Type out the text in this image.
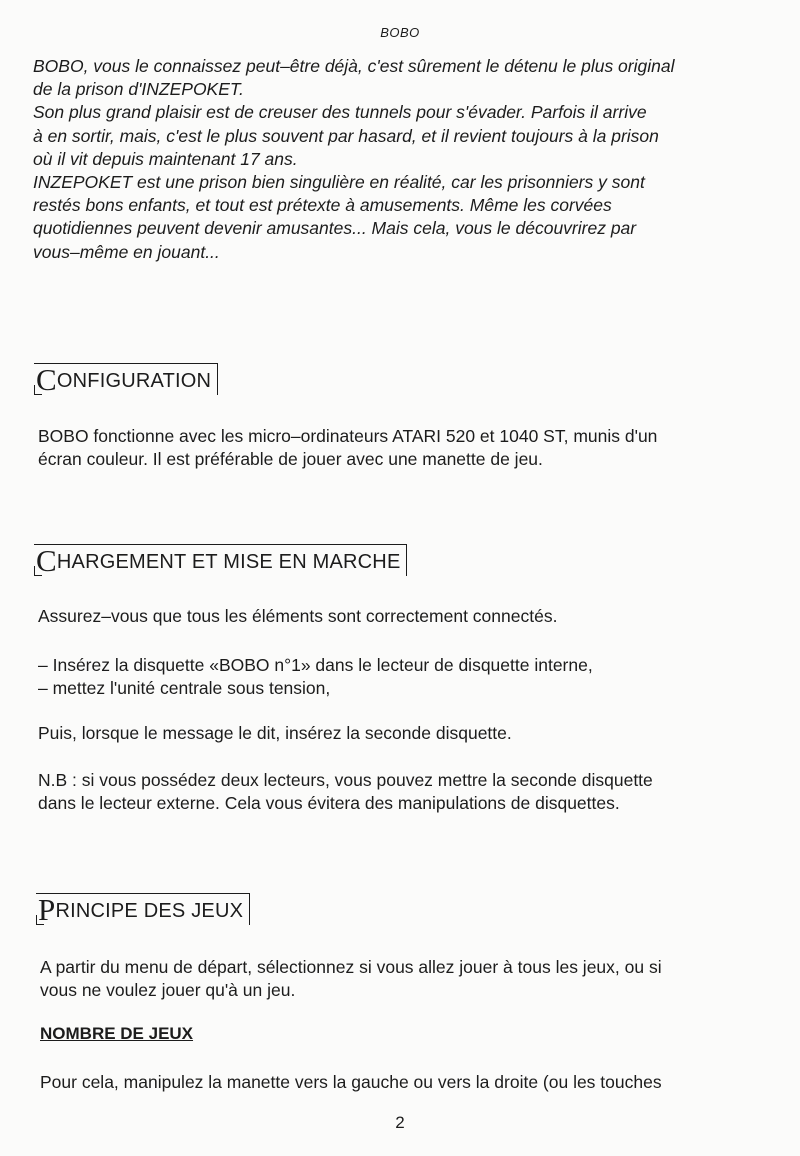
BOBO

BOBO, vous le connaissez peut–être déjà, c'est sûrement le détenu le plus original

de la prison d'INZEPOKET.

Son plus grand plaisir est de creuser des tunnels pour s'évader. Parfois il arrive

à en sortir, mais, c'est le plus souvent par hasard, et il revient toujours à la prison

où il vit depuis maintenant 17 ans.

INZEPOKET est une prison bien singulière en réalité, car les prisonniers y sont

restés bons enfants, et tout est prétexte à amusements. Même les corvées

quotidiennes peuvent devenir amusantes... Mais cela, vous le découvrirez par

vous–même en jouant...

CONFIGURATION

BOBO fonctionne avec les micro–ordinateurs ATARI 520 et 1040 ST, munis d'un

écran couleur. Il est préférable de jouer avec une manette de jeu.

CHARGEMENT ET MISE EN MARCHE
Assurez–vous que tous les éléments sont correctement connectés.

– Insérez la disquette «BOBO n°1» dans le lecteur de disquette interne,

– mettez l'unité centrale sous tension,

Puis, lorsque le message le dit, insérez la seconde disquette.

N.B : si vous possédez deux lecteurs, vous pouvez mettre la seconde disquette

dans le lecteur externe. Cela vous évitera des manipulations de disquettes.

PRINCIPE DES JEUX

A partir du menu de départ, sélectionnez si vous allez jouer à tous les jeux, ou si

vous ne voulez jouer qu'à un jeu.

NOMBRE DE JEUX
Pour cela, manipulez la manette vers la gauche ou vers la droite (ou les touches
2
